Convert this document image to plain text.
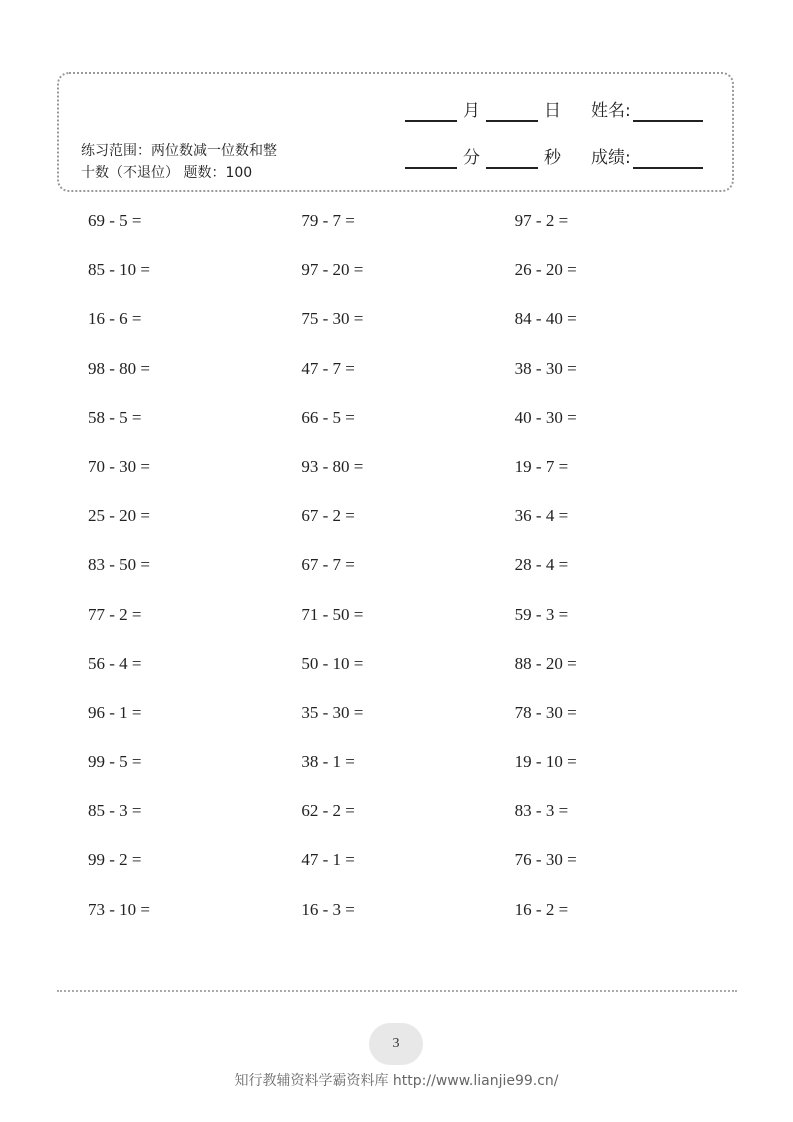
月	日 姓名:
分	秒 成绩:
练习范围：两位数减一位数和整
十数（不退位） 题数：100
69 - 5 =	79 - 7 =	97 - 2 =
85 - 10 =	97 - 20 =	26 - 20 =
16 - 6 =	75 - 30 =	84 - 40 =
98 - 80 =	47 - 7 =	38 - 30 =
58 - 5 =	66 - 5 =	40 - 30 =
70 - 30 =	93 - 80 =	19 - 7 =
25 - 20 =	67 - 2 =	36 - 4 =
83 - 50 =	67 - 7 =	28 - 4 =
77 - 2 =	71 - 50 =	59 - 3 =
56 - 4 =	50 - 10 =	88 - 20 =
96 - 1 =	35 - 30 =	78 - 30 =
99 - 5 =	38 - 1 =	19 - 10 =
85 - 3 =	62 - 2 =	83 - 3 =
99 - 2 =	47 - 1 =	76 - 30 =
73 - 10 =	16 - 3 =	16 - 2 =
3
知行教辅资料学霸资料库 http://www.lianjie99.cn/
